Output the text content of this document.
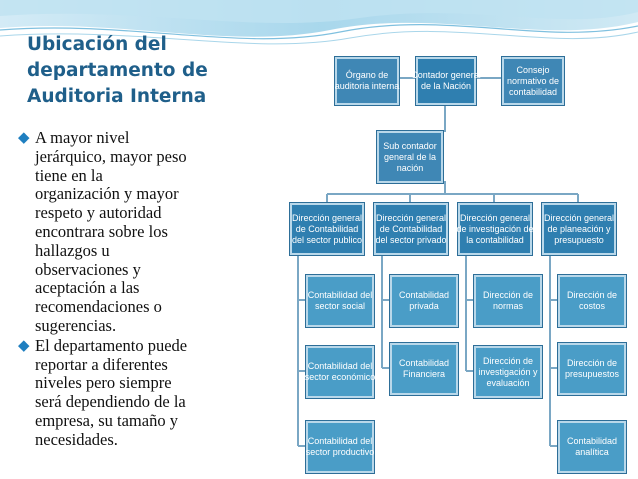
Ubicación del
departamento de
Auditoria Interna
◆ A mayor nivel
jerárquico, mayor peso
tiene en la
organización y mayor
respeto y autoridad
encontrara sobre los
hallazgos u
observaciones y
aceptación a las
recomendaciones o
sugerencias.
◆ El departamento puede
reportar a diferentes
niveles pero siempre
será dependiendo de la
empresa, su tamaño y
necesidades.
Órgano de
auditoria interna
Contador general
de la Nación
Consejo
normativo de
contabilidad
Sub contador
general de la
nación
Dirección general
de Contabilidad
del sector publico
Dirección general
de Contabilidad
del sector privado
Dirección general
de investigación de
la contabilidad
Dirección general
de planeación y
presupuesto
Contabilidad del
sector social
Contabilidad del
sector económico
Contabilidad del
sector productivo
Contabilidad
privada
Contabilidad
Financiera
Dirección de
normas
Dirección de
investigación y
evaluación
Dirección de
costos
Dirección de
presupuestos
Contabilidad
analítica
